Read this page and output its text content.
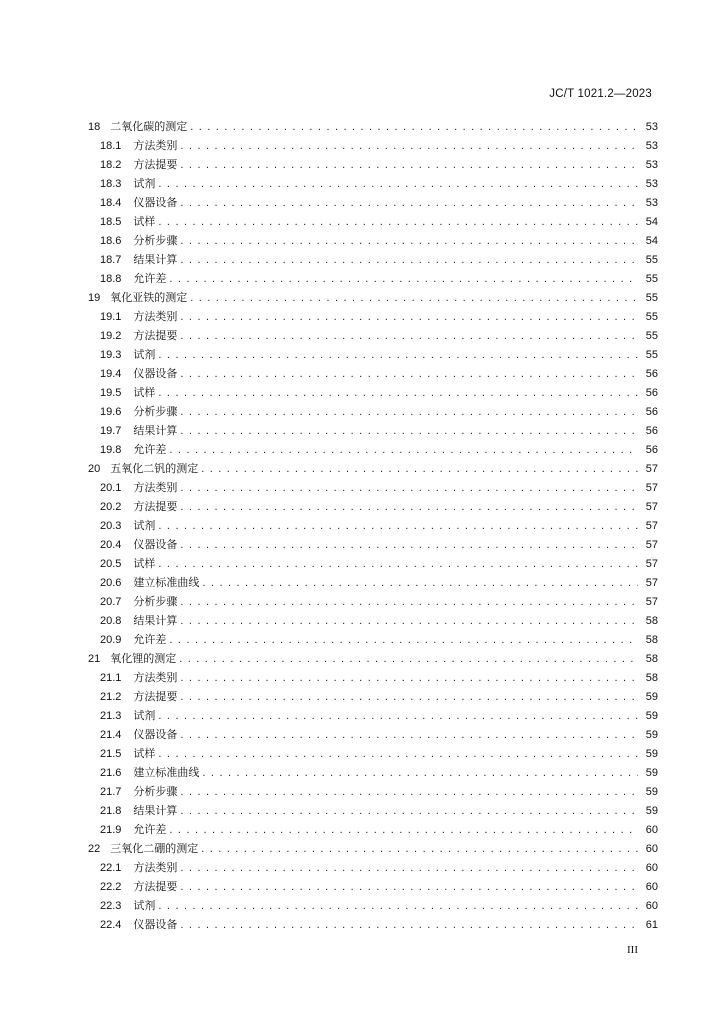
JC/T 1021.2—2023
18 二氧化碳的测定 . . .	53
18.1 方法类别 . . .	53
18.2 方法提要 . . .	53
18.3 试剂 . . .	53
18.4 仪器设备 . . .	53
18.5 试样 . . .	54
18.6 分析步骤 . . .	54
18.7 结果计算 . . .	55
18.8 允许差 . . .	55
19 氧化亚铁的测定 . . .	55
19.1 方法类别 . . .	55
19.2 方法提要 . . .	55
19.3 试剂 . . .	55
19.4 仪器设备 . . .	56
19.5 试样 . . .	56
19.6 分析步骤 . . .	56
19.7 结果计算 . . .	56
19.8 允许差 . . .	56
20 五氧化二钒的测定 . . .	57
20.1 方法类别 . . .	57
20.2 方法提要 . . .	57
20.3 试剂 . . .	57
20.4 仪器设备 . . .	57
20.5 试样 . . .	57
20.6 建立标准曲线 . . .	57
20.7 分析步骤 . . .	57
20.8 结果计算 . . .	58
20.9 允许差 . . .	58
21 氧化锂的测定 . . .	58
21.1 方法类别 . . .	58
21.2 方法提要 . . .	59
21.3 试剂 . . .	59
21.4 仪器设备 . . .	59
21.5 试样 . . .	59
21.6 建立标准曲线 . . .	59
21.7 分析步骤 . . .	59
21.8 结果计算 . . .	59
21.9 允许差 . . .	60
22 三氧化二硼的测定 . . .	60
22.1 方法类别 . . .	60
22.2 方法提要 . . .	60
22.3 试剂 . . .	60
22.4 仪器设备 . . .	61
III
